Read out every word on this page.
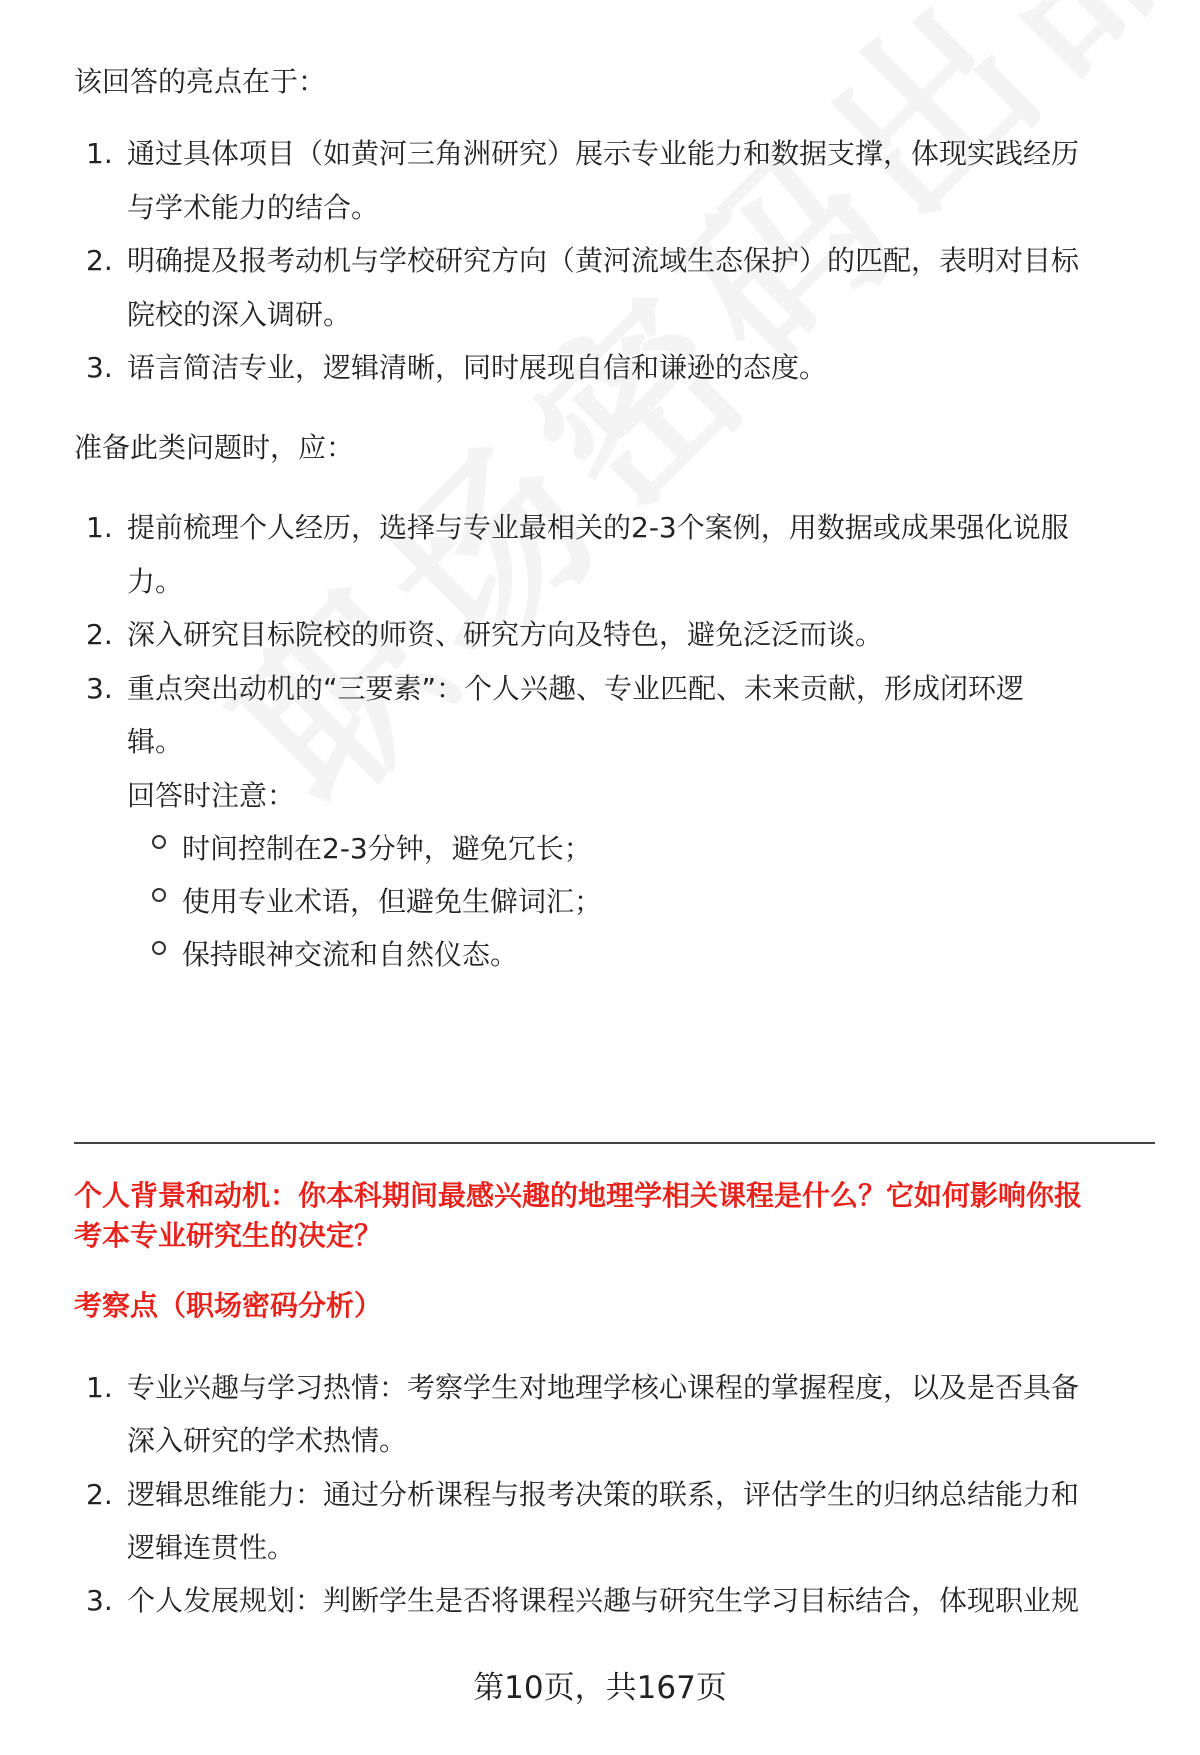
该回答的亮点在于：
1. 通过具体项目（如黄河三角洲研究）展示专业能力和数据支撑，体现实践经历
与学术能力的结合。
2. 明确提及报考动机与学校研究方向（黄河流域生态保护）的匹配，表明对目标
院校的深入调研。
3. 语言简洁专业，逻辑清晰，同时展现自信和谦逊的态度。
准备此类问题时，应：
1. 提前梳理个人经历，选择与专业最相关的2-3个案例，用数据或成果强化说服
力。
2. 深入研究目标院校的师资、研究方向及特色，避免泛泛而谈。
3. 重点突出动机的“三要素”：个人兴趣、专业匹配、未来贡献，形成闭环逻
辑。
回答时注意：
时间控制在2-3分钟，避免冗长；
使用专业术语，但避免生僻词汇；
保持眼神交流和自然仪态。
个人背景和动机：你本科期间最感兴趣的地理学相关课程是什么？它如何影响你报
考本专业研究生的决定？
考察点（职场密码分析）
1. 专业兴趣与学习热情：考察学生对地理学核心课程的掌握程度，以及是否具备
深入研究的学术热情。
2. 逻辑思维能力：通过分析课程与报考决策的联系，评估学生的归纳总结能力和
逻辑连贯性。
3. 个人发展规划：判断学生是否将课程兴趣与研究生学习目标结合，体现职业规
第10页，共167页
